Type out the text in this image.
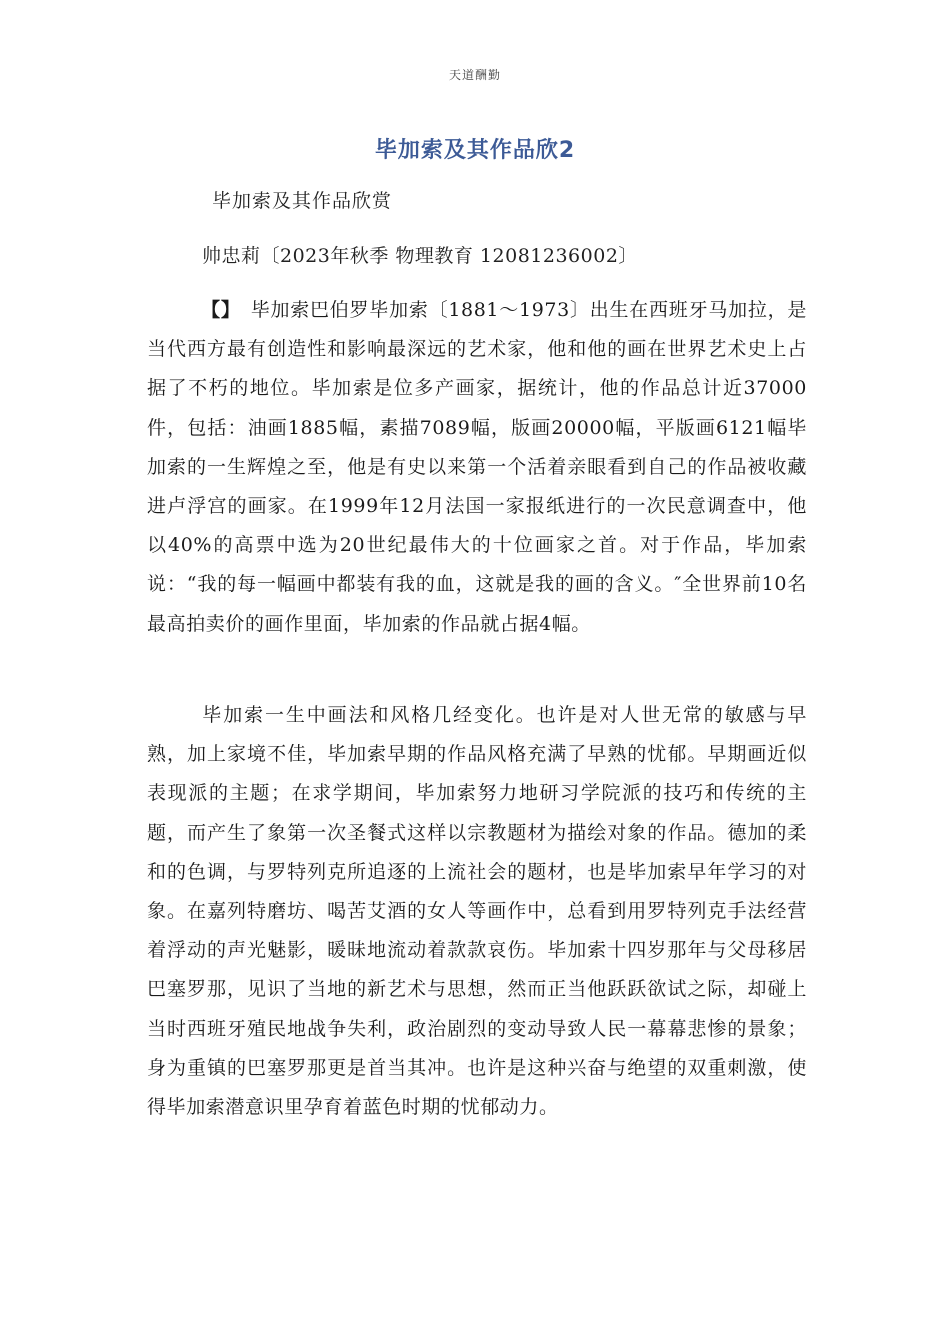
天道酬勤
毕加索及其作品欣2
毕加索及其作品欣赏
帅忠莉〔2023年秋季 物理教育 12081236002〕
【】 毕加索巴伯罗毕加索〔1881～1973〕出生在西班牙马加拉，是当代西方最有创造性和影响最深远的艺术家，他和他的画在世界艺术史上占据了不朽的地位。毕加索是位多产画家，据统计，他的作品总计近37000件，包括：油画1885幅，素描7089幅，版画20000幅，平版画6121幅毕加索的一生辉煌之至，他是有史以来第一个活着亲眼看到自己的作品被收藏进卢浮宫的画家。在1999年12月法国一家报纸进行的一次民意调查中，他以40%的高票中选为20世纪最伟大的十位画家之首。对于作品，毕加索说：“我的每一幅画中都装有我的血，这就是我的画的含义。″全世界前10名最高拍卖价的画作里面，毕加索的作品就占据4幅。
毕加索一生中画法和风格几经变化。也许是对人世无常的敏感与早熟，加上家境不佳，毕加索早期的作品风格充满了早熟的忧郁。早期画近似表现派的主题；在求学期间，毕加索努力地研习学院派的技巧和传统的主题，而产生了象第一次圣餐式这样以宗教题材为描绘对象的作品。德加的柔和的色调，与罗特列克所追逐的上流社会的题材，也是毕加索早年学习的对象。在嘉列特磨坊、喝苦艾酒的女人等画作中，总看到用罗特列克手法经营着浮动的声光魅影，暖昧地流动着款款哀伤。毕加索十四岁那年与父母移居巴塞罗那，见识了当地的新艺术与思想，然而正当他跃跃欲试之际，却碰上当时西班牙殖民地战争失利，政治剧烈的变动导致人民一幕幕悲惨的景象；身为重镇的巴塞罗那更是首当其冲。也许是这种兴奋与绝望的双重刺激，使得毕加索潜意识里孕育着蓝色时期的忧郁动力。
